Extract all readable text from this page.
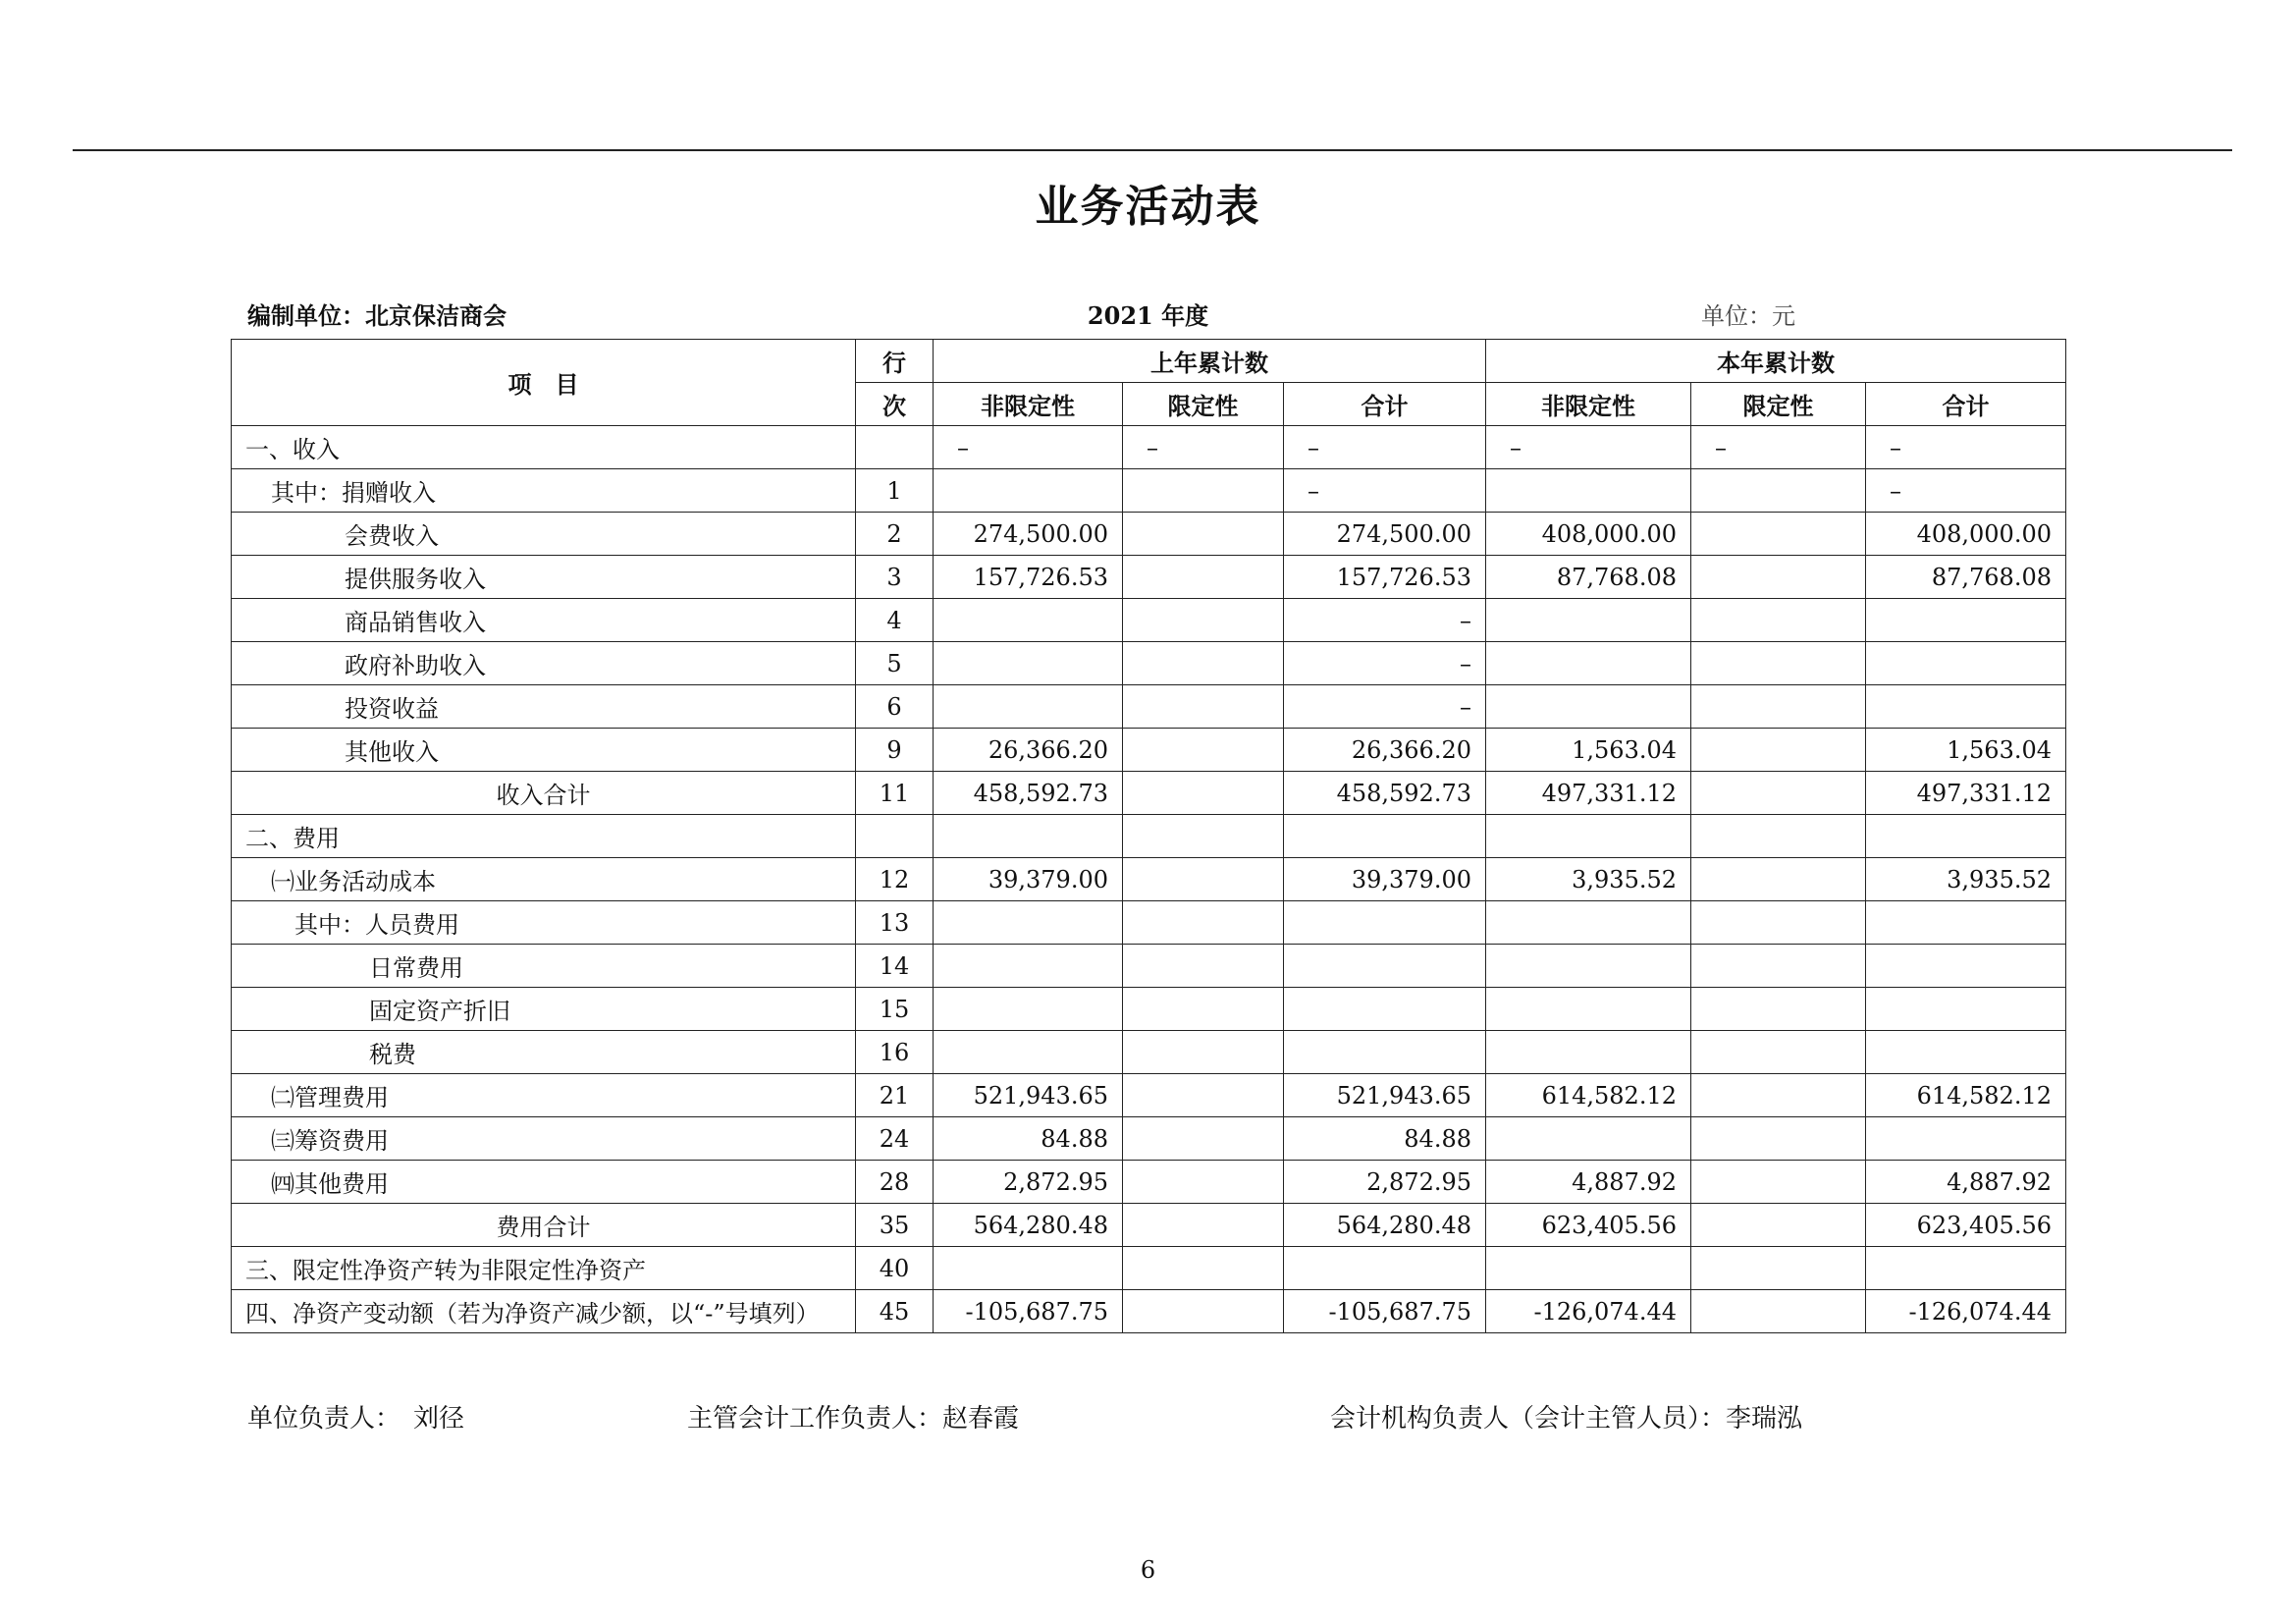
业务活动表
2021 年度
编制单位：北京保洁商会	单位：元
项　目	行	上年累计数			本年累计数		
	次	非限定性	限定性	合计	非限定性	限定性	合计
一、收入		–	–	–	–	–	–
其中：捐赠收入	1			–			–
会费收入	2	274,500.00		274,500.00	408,000.00		408,000.00
提供服务收入	3	157,726.53		157,726.53	87,768.08		87,768.08
商品销售收入	4			–			
政府补助收入	5			–			
投资收益	6			–			
其他收入	9	26,366.20		26,366.20	1,563.04		1,563.04
收入合计	11	458,592.73		458,592.73	497,331.12		497,331.12
二、费用							
㈠业务活动成本	12	39,379.00		39,379.00	3,935.52		3,935.52
其中：人员费用	13						
日常费用	14						
固定资产折旧	15						
税费	16						
㈡管理费用	21	521,943.65		521,943.65	614,582.12		614,582.12
㈢筹资费用	24	84.88		84.88			
㈣其他费用	28	2,872.95		2,872.95	4,887.92		4,887.92
费用合计	35	564,280.48		564,280.48	623,405.56		623,405.56
三、限定性净资产转为非限定性净资产	40						
四、净资产变动额（若为净资产减少额，以“-”号填列）	45	-105,687.75		-105,687.75	-126,074.44		-126,074.44
单位负责人：　刘径	主管会计工作负责人：赵春霞	会计机构负责人（会计主管人员）：李瑞泓
6
